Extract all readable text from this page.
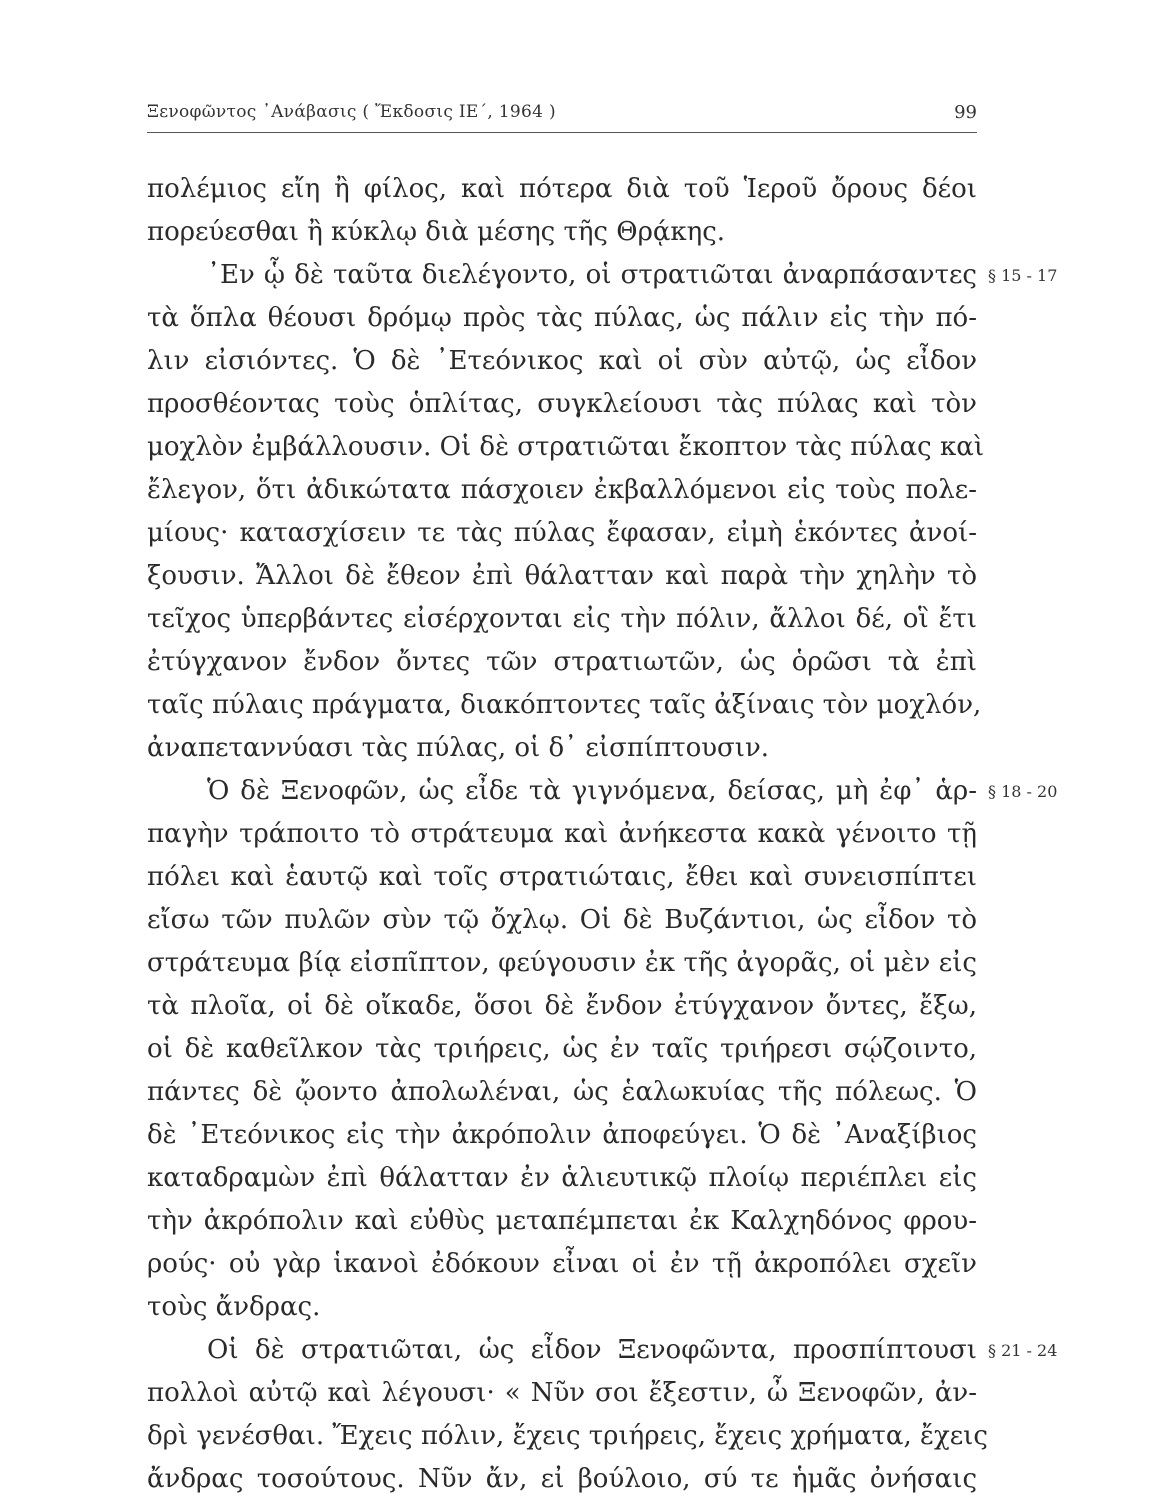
Ξενοφῶντος ᾿Ανάβασις ( Ἔκδοσις ΙΕ΄, 1964 )	99
πολέμιος εἴη ἢ φίλος, καὶ πότερα διὰ τοῦ Ἱεροῦ ὄρους δέοι
πορεύεσθαι ἢ κύκλῳ διὰ μέσης τῆς Θρᾴκης.
᾿Εν ᾧ δὲ ταῦτα διελέγοντο, οἱ στρατιῶται ἀναρπάσαντες
τὰ ὅπλα θέουσι δρόμῳ πρὸς τὰς πύλας, ὡς πάλιν εἰς τὴν πό-
λιν εἰσιόντες. Ὁ δὲ ᾿Ετεόνικος καὶ οἱ σὺν αὐτῷ, ὡς εἶδον
προσθέοντας τοὺς ὁπλίτας, συγκλείουσι τὰς πύλας καὶ τὸν
μοχλὸν ἐμβάλλουσιν. Οἱ δὲ στρατιῶται ἔκοπτον τὰς πύλας καὶ
ἔλεγον, ὅτι ἀδικώτατα πάσχοιεν ἐκβαλλόμενοι εἰς τοὺς πολε-
μίους· κατασχίσειν τε τὰς πύλας ἔφασαν, εἰμὴ ἑκόντες ἀνοί-
ξουσιν. Ἄλλοι δὲ ἔθεον ἐπὶ θάλατταν καὶ παρὰ τὴν χηλὴν τὸ
τεῖχος ὑπερβάντες εἰσέρχονται εἰς τὴν πόλιν, ἄλλοι δέ, οἳ ἔτι
ἐτύγχανον ἔνδον ὄντες τῶν στρατιωτῶν, ὡς ὁρῶσι τὰ ἐπὶ
ταῖς πύλαις πράγματα, διακόπτοντες ταῖς ἀξίναις τὸν μοχλόν,
ἀναπεταννύασι τὰς πύλας, οἱ δ᾿ εἰσπίπτουσιν.
Ὁ δὲ Ξενοφῶν, ὡς εἶδε τὰ γιγνόμενα, δείσας, μὴ ἐφ᾿ ἁρ-
παγὴν τράποιτο τὸ στράτευμα καὶ ἀνήκεστα κακὰ γένοιτο τῇ
πόλει καὶ ἑαυτῷ καὶ τοῖς στρατιώταις, ἔθει καὶ συνεισπίπτει
εἴσω τῶν πυλῶν σὺν τῷ ὄχλῳ. Οἱ δὲ Βυζάντιοι, ὡς εἶδον τὸ
στράτευμα βίᾳ εἰσπῖπτον, φεύγουσιν ἐκ τῆς ἀγορᾶς, οἱ μὲν εἰς
τὰ πλοῖα, οἱ δὲ οἴκαδε, ὅσοι δὲ ἔνδον ἐτύγχανον ὄντες, ἔξω,
οἱ δὲ καθεῖλκον τὰς τριήρεις, ὡς ἐν ταῖς τριήρεσι σῴζοιντο,
πάντες δὲ ᾤοντο ἀπολωλέναι, ὡς ἑαλωκυίας τῆς πόλεως. Ὁ
δὲ ᾿Ετεόνικος εἰς τὴν ἀκρόπολιν ἀποφεύγει. Ὁ δὲ ᾿Αναξίβιος
καταδραμὼν ἐπὶ θάλατταν ἐν ἁλιευτικῷ πλοίῳ περιέπλει εἰς
τὴν ἀκρόπολιν καὶ εὐθὺς μεταπέμπεται ἐκ Καλχηδόνος φρου-
ρούς· οὐ γὰρ ἱκανοὶ ἐδόκουν εἶναι οἱ ἐν τῇ ἀκροπόλει σχεῖν
τοὺς ἄνδρας.
Οἱ δὲ στρατιῶται, ὡς εἶδον Ξενοφῶντα, προσπίπτουσι
πολλοὶ αὐτῷ καὶ λέγουσι· « Νῦν σοι ἔξεστιν, ὦ Ξενοφῶν, ἀν-
δρὶ γενέσθαι. Ἔχεις πόλιν, ἔχεις τριήρεις, ἔχεις χρήματα, ἔχεις
ἄνδρας τοσούτους. Νῦν ἄν, εἰ βούλοιο, σύ τε ἡμᾶς ὀνήσαις
§ 15 - 17
§ 18 - 20
§ 21 - 24
